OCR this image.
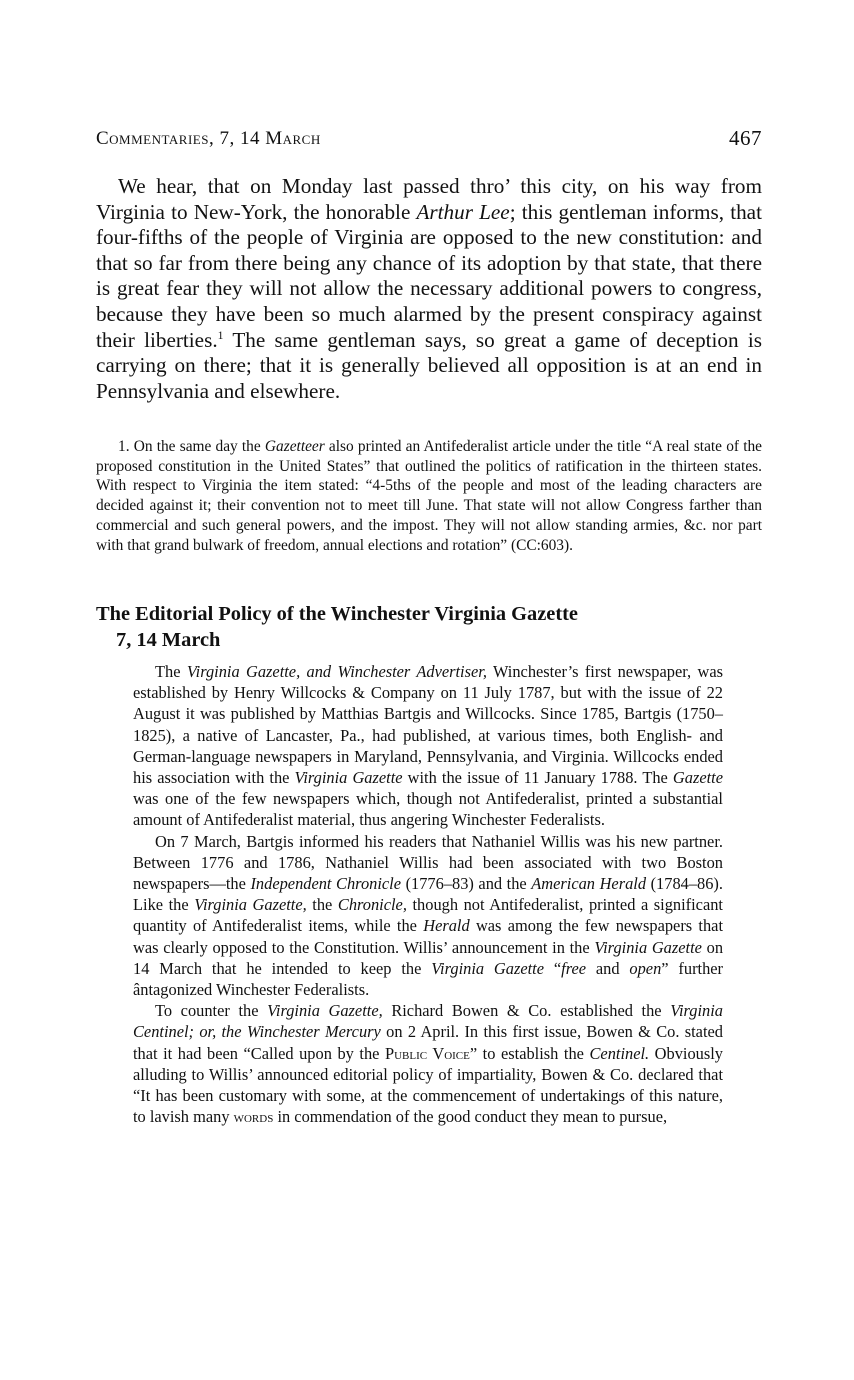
Commentaries, 7, 14 March	467

We hear, that on Monday last passed thro’ this city, on his way from Virginia to New-York, the honorable Arthur Lee; this gentleman informs, that four-fifths of the people of Virginia are opposed to the new constitution: and that so far from there being any chance of its adoption by that state, that there is great fear they will not allow the necessary additional powers to congress, because they have been so much alarmed by the present conspiracy against their liberties.$^1$ The same gentleman says, so great a game of deception is carrying on there; that it is generally believed all opposition is at an end in Pennsylvania and elsewhere.

1. On the same day the Gazetteer also printed an Antifederalist article under the title “A real state of the proposed constitution in the United States” that outlined the politics of ratification in the thirteen states. With respect to Virginia the item stated: “4-5ths of the people and most of the leading characters are decided against it; their convention not to meet till June. That state will not allow Congress farther than commercial and such general powers, and the impost. They will not allow standing armies, &c. nor part with that grand bulwark of freedom, annual elections and rotation” (CC:603).

The Editorial Policy of the Winchester Virginia Gazette
7, 14 March

The Virginia Gazette, and Winchester Advertiser, Winchester’s first newspaper, was established by Henry Willcocks & Company on 11 July 1787, but with the issue of 22 August it was published by Matthias Bartgis and Willcocks. Since 1785, Bartgis (1750–1825), a native of Lancaster, Pa., had published, at various times, both English- and German-language newspapers in Maryland, Pennsylvania, and Virginia. Willcocks ended his association with the Virginia Gazette with the issue of 11 January 1788. The Gazette was one of the few newspapers which, though not Antifederalist, printed a substantial amount of Antifederalist material, thus angering Winchester Federalists.

On 7 March, Bartgis informed his readers that Nathaniel Willis was his new partner. Between 1776 and 1786, Nathaniel Willis had been associated with two Boston newspapers—the Independent Chronicle (1776–83) and the American Herald (1784–86). Like the Virginia Gazette, the Chronicle, though not Antifederalist, printed a significant quantity of Antifederalist items, while the Herald was among the few newspapers that was clearly opposed to the Constitution. Willis’ announcement in the Virginia Gazette on 14 March that he intended to keep the Virginia Gazette “free and open” further ântagonized Winchester Federalists.

To counter the Virginia Gazette, Richard Bowen & Co. established the Virginia Centinel; or, the Winchester Mercury on 2 April. In this first issue, Bowen & Co. stated that it had been “Called upon by the Public Voice” to establish the Centinel. Obviously alluding to Willis’ announced editorial policy of impartiality, Bowen & Co. declared that “It has been customary with some, at the commencement of undertakings of this nature, to lavish many words in commendation of the good conduct they mean to pursue,
